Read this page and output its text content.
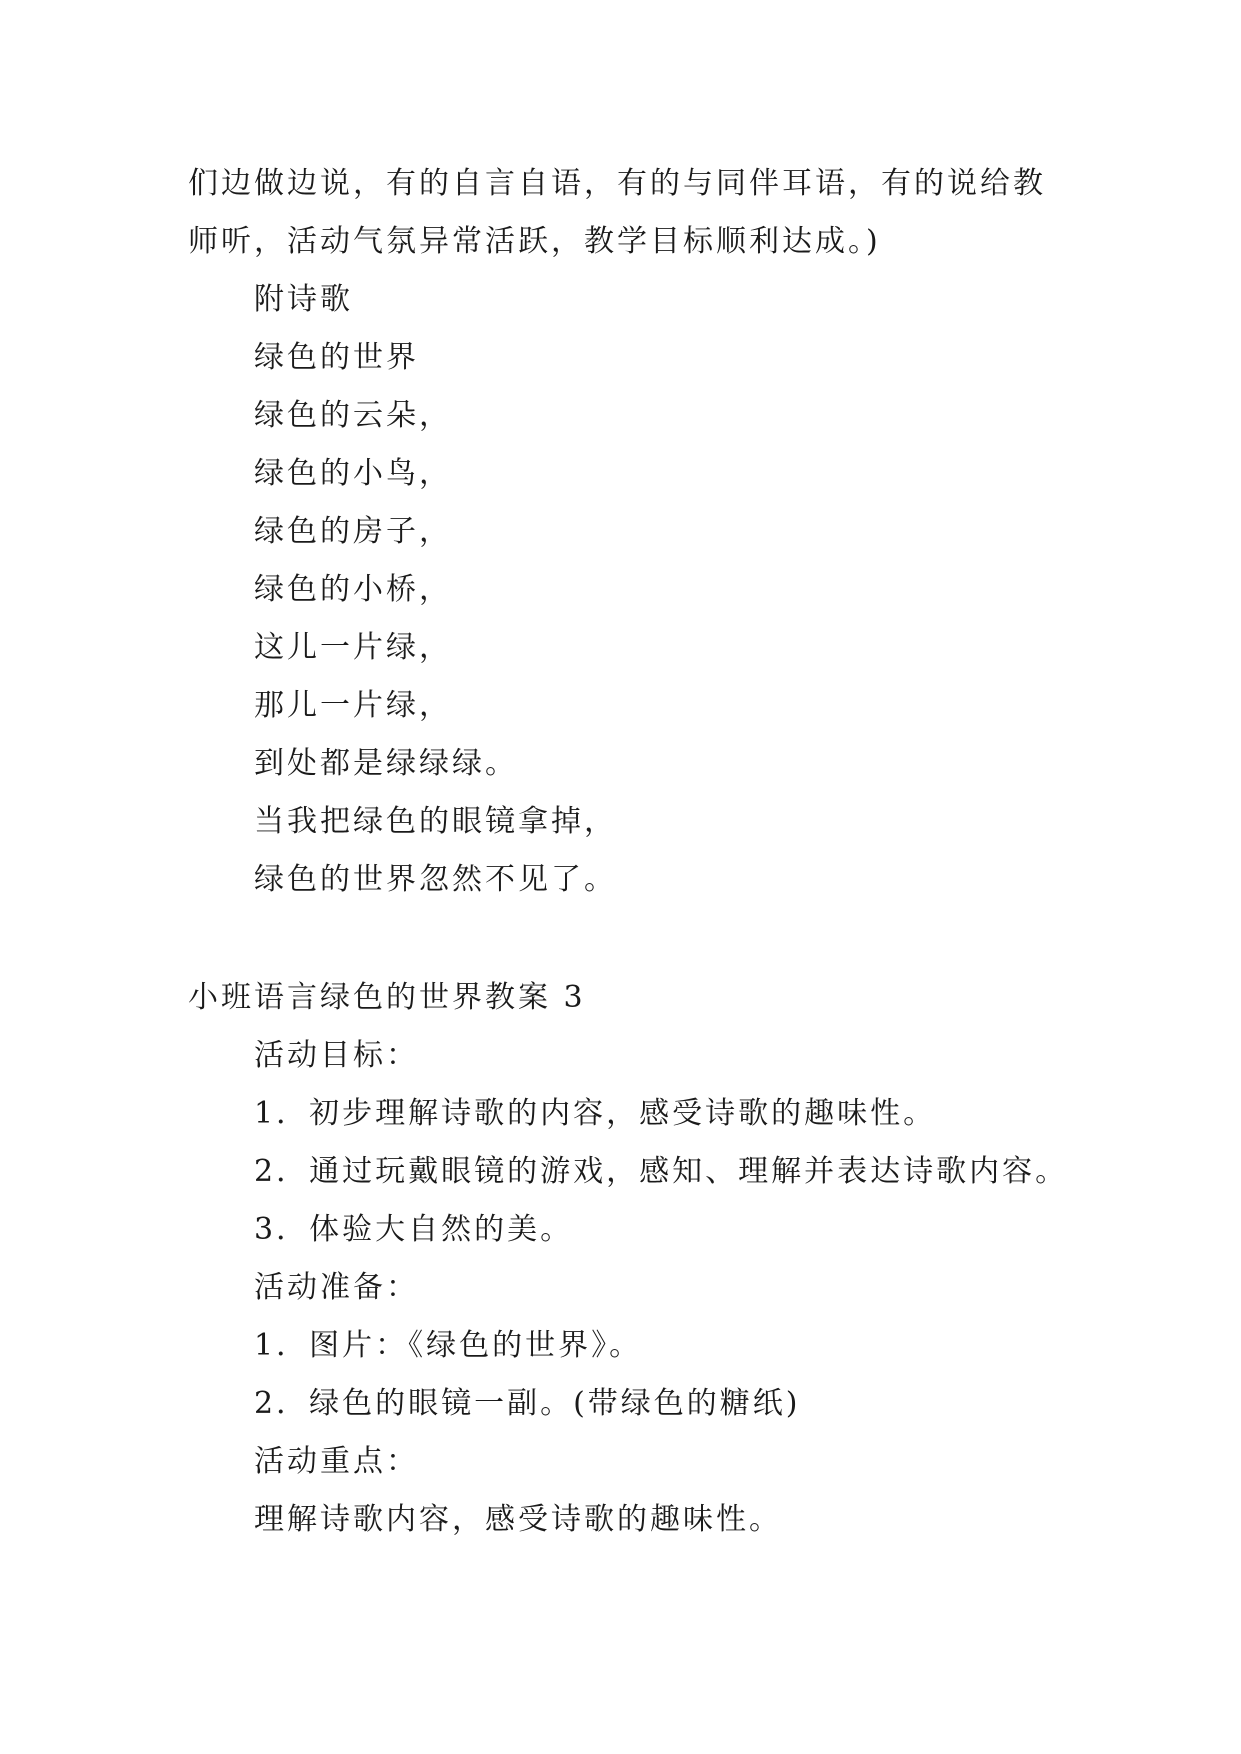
们边做边说，有的自言自语，有的与同伴耳语，有的说给教
师听，活动气氛异常活跃，教学目标顺利达成。)
附诗歌
绿色的世界
绿色的云朵，
绿色的小鸟，
绿色的房子，
绿色的小桥，
这儿一片绿，
那儿一片绿，
到处都是绿绿绿。
当我把绿色的眼镜拿掉，
绿色的世界忽然不见了。
小班语言绿色的世界教案 3
活动目标：
1．初步理解诗歌的内容，感受诗歌的趣味性。
2．通过玩戴眼镜的游戏，感知、理解并表达诗歌内容。
3．体验大自然的美。
活动准备：
1．图片：《绿色的世界》。
2．绿色的眼镜一副。(带绿色的糖纸)
活动重点：
理解诗歌内容，感受诗歌的趣味性。
